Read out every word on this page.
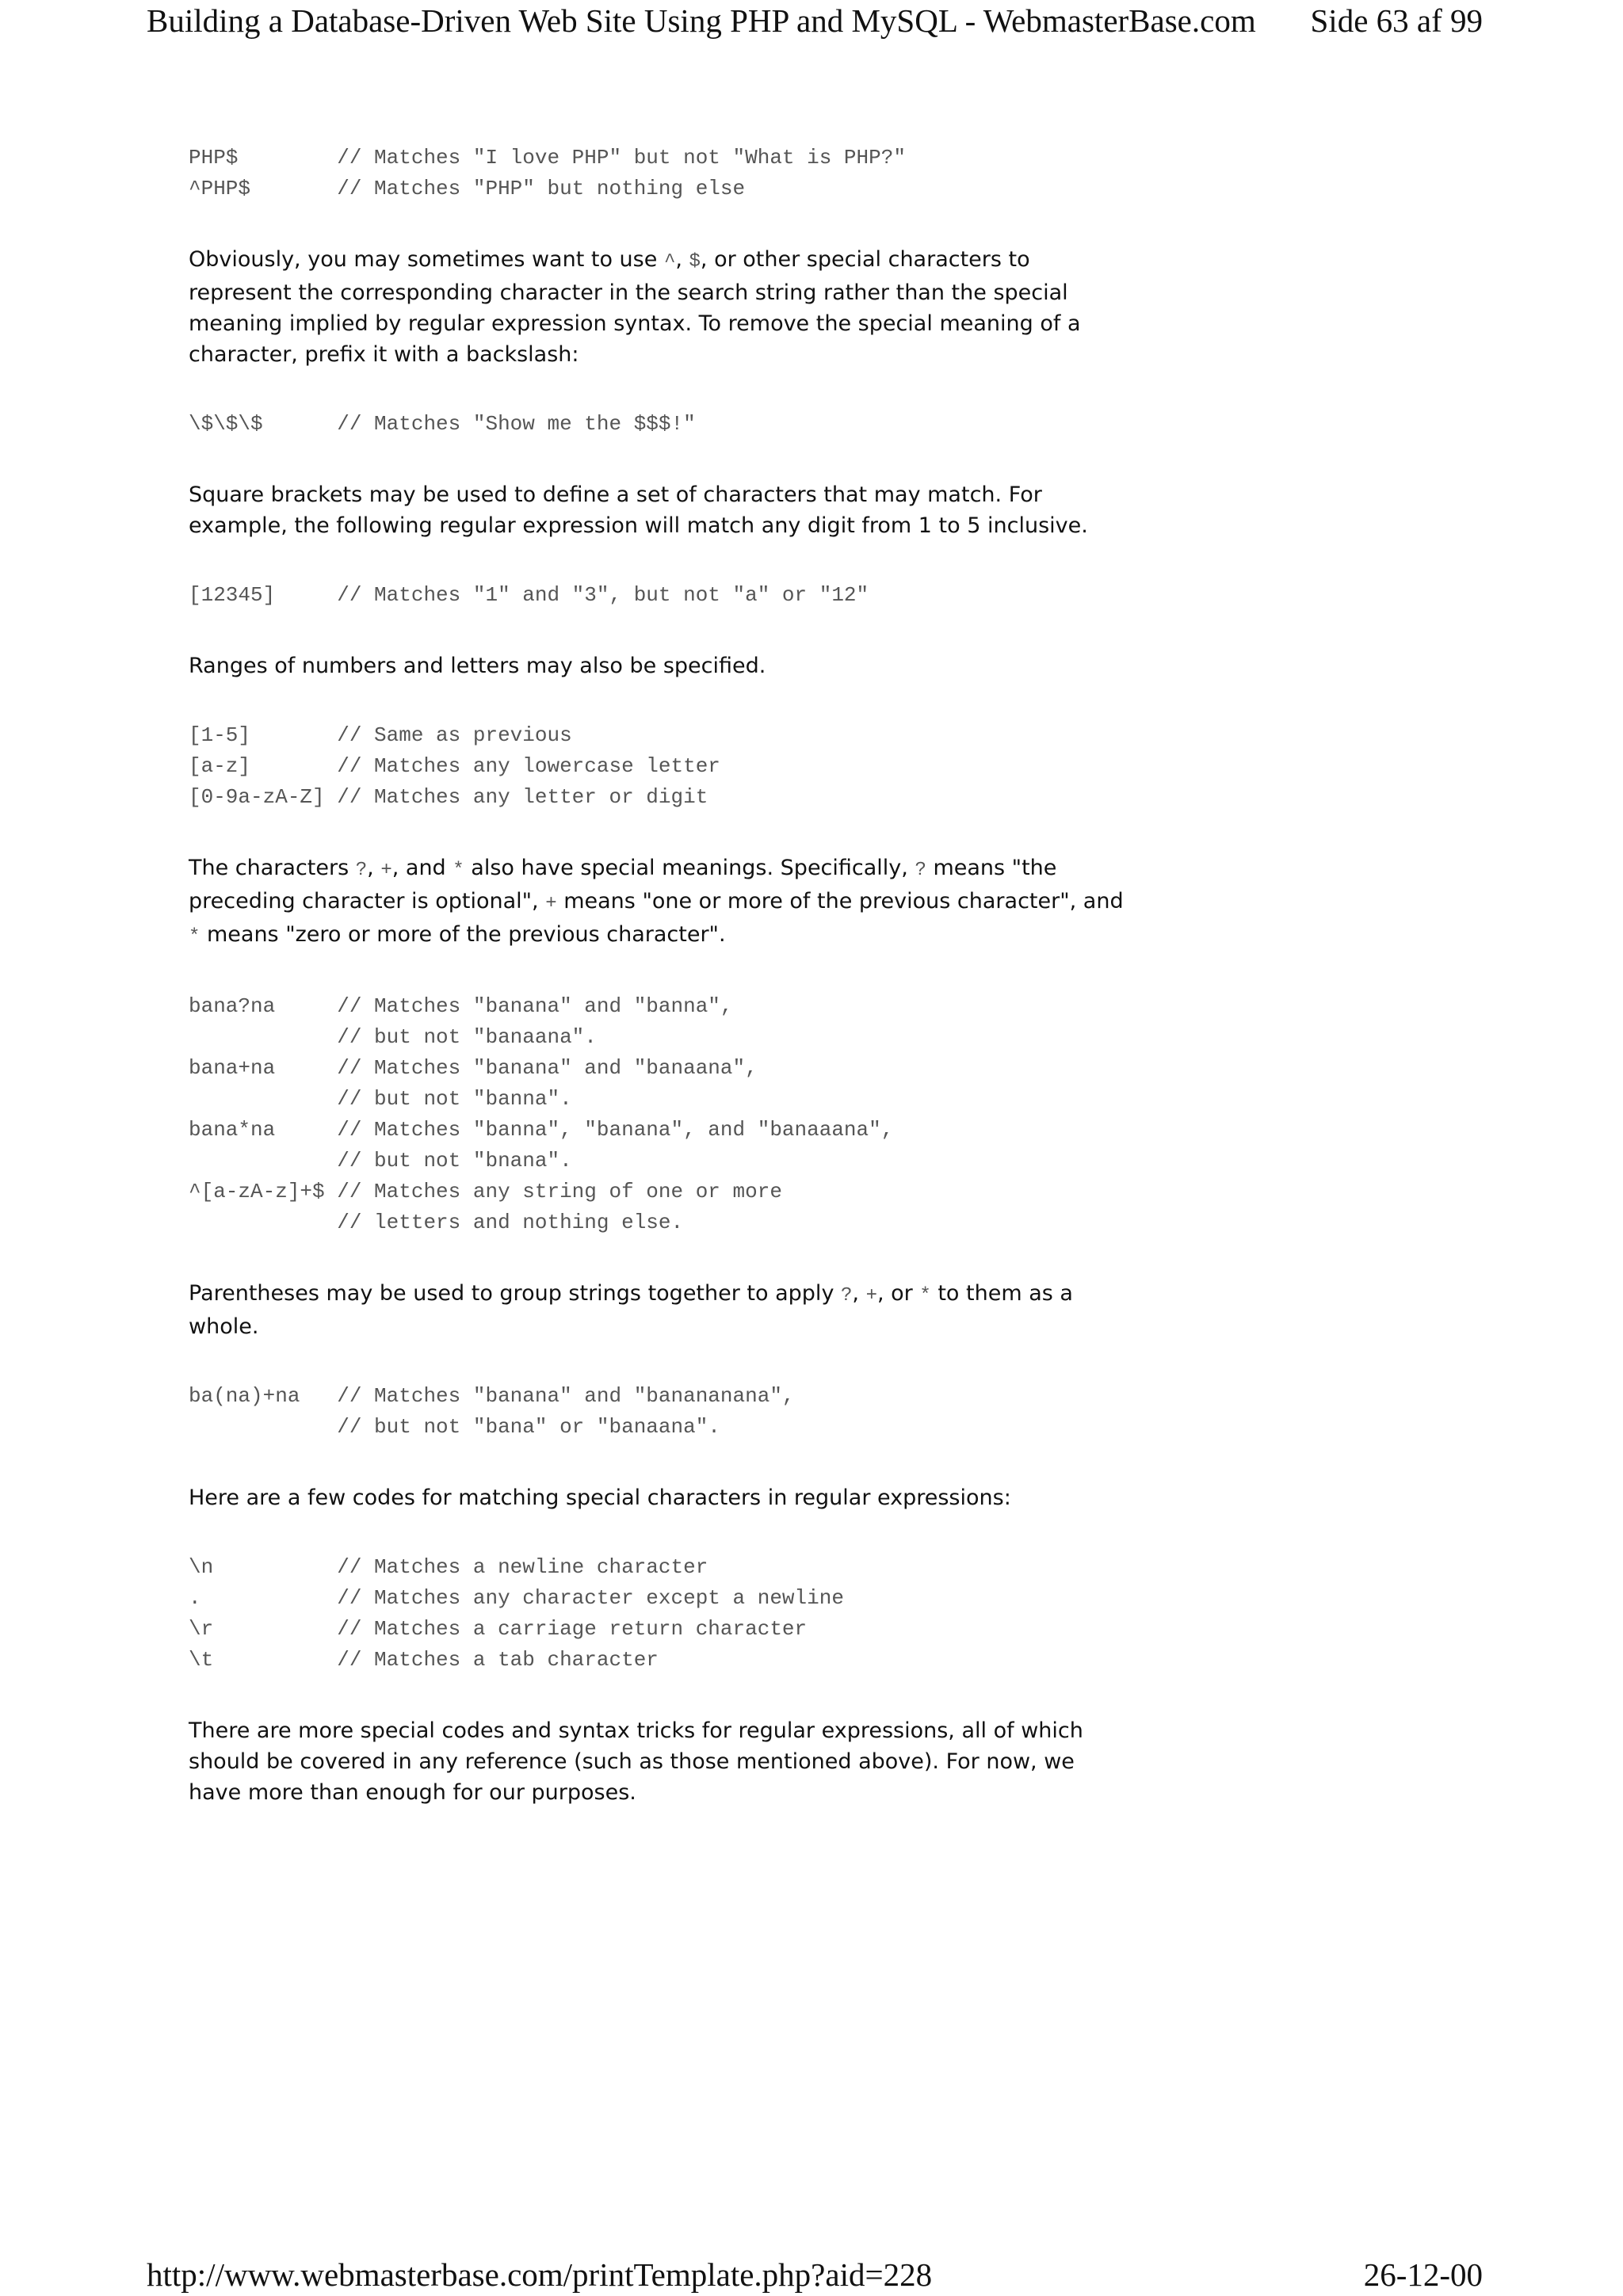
Building a Database-Driven Web Site Using PHP and MySQL - WebmasterBase.com Side 63 af 99
PHP$        // Matches "I love PHP" but not "What is PHP?"
^PHP$       // Matches "PHP" but nothing else

Obviously, you may sometimes want to use ^, $, or other special characters to represent the corresponding character in the search string rather than the special meaning implied by regular expression syntax. To remove the special meaning of a character, prefix it with a backslash:

\$\$\$      // Matches "Show me the $$$!"

Square brackets may be used to define a set of characters that may match. For example, the following regular expression will match any digit from 1 to 5 inclusive.

[12345]     // Matches "1" and "3", but not "a" or "12"

Ranges of numbers and letters may also be specified.

[1-5]       // Same as previous
[a-z]       // Matches any lowercase letter
[0-9a-zA-Z] // Matches any letter or digit

The characters ?, +, and * also have special meanings. Specifically, ? means "the preceding character is optional", + means "one or more of the previous character", and * means "zero or more of the previous character".

bana?na     // Matches "banana" and "banna",
// but not "banaana".
bana+na     // Matches "banana" and "banaana",
// but not "banna".
bana*na     // Matches "banna", "banana", and "banaaana",
// but not "bnana".
^[a-zA-z]+$ // Matches any string of one or more
// letters and nothing else.

Parentheses may be used to group strings together to apply ?, +, or * to them as a whole.

ba(na)+na   // Matches "banana" and "banananana",
// but not "bana" or "banaana".

Here are a few codes for matching special characters in regular expressions:

\n          // Matches a newline character
.           // Matches any character except a newline
\r          // Matches a carriage return character
\t          // Matches a tab character

There are more special codes and syntax tricks for regular expressions, all of which should be covered in any reference (such as those mentioned above). For now, we have more than enough for our purposes.

http://www.webmasterbase.com/printTemplate.php?aid=228	26-12-00
